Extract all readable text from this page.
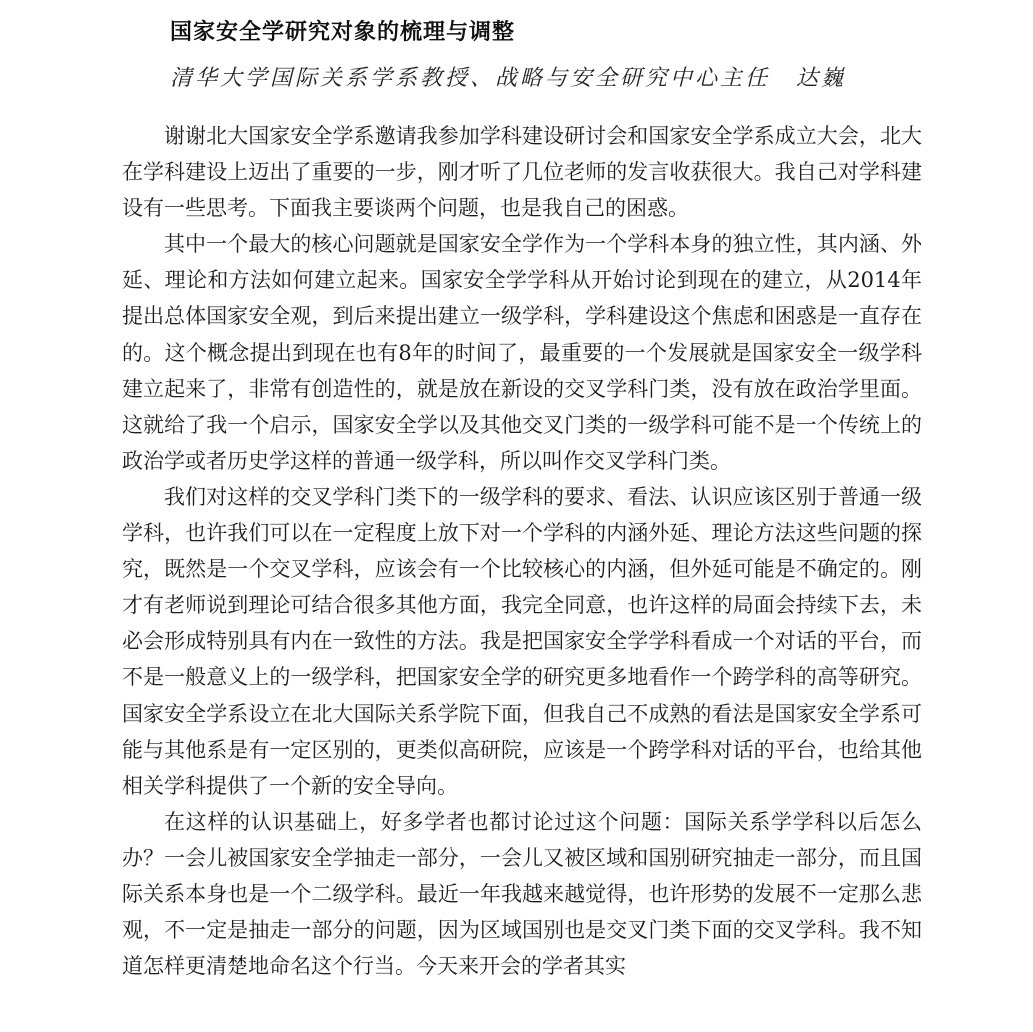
国家安全学研究对象的梳理与调整
清华大学国际关系学系教授、战略与安全研究中心主任 达巍

谢谢北大国家安全学系邀请我参加学科建设研讨会和国家安全学系成立大会，北大在学科建设上迈出了重要的一步，刚才听了几位老师的发言收获很大。我自己对学科建设有一些思考。下面我主要谈两个问题，也是我自己的困惑。

其中一个最大的核心问题就是国家安全学作为一个学科本身的独立性，其内涵、外延、理论和方法如何建立起来。国家安全学学科从开始讨论到现在的建立，从2014年提出总体国家安全观，到后来提出建立一级学科，学科建设这个焦虑和困惑是一直存在的。这个概念提出到现在也有8年的时间了，最重要的一个发展就是国家安全一级学科建立起来了，非常有创造性的，就是放在新设的交叉学科门类，没有放在政治学里面。这就给了我一个启示，国家安全学以及其他交叉门类的一级学科可能不是一个传统上的政治学或者历史学这样的普通一级学科，所以叫作交叉学科门类。

我们对这样的交叉学科门类下的一级学科的要求、看法、认识应该区别于普通一级学科，也许我们可以在一定程度上放下对一个学科的内涵外延、理论方法这些问题的探究，既然是一个交叉学科，应该会有一个比较核心的内涵，但外延可能是不确定的。刚才有老师说到理论可结合很多其他方面，我完全同意，也许这样的局面会持续下去，未必会形成特别具有内在一致性的方法。我是把国家安全学学科看成一个对话的平台，而不是一般意义上的一级学科，把国家安全学的研究更多地看作一个跨学科的高等研究。国家安全学系设立在北大国际关系学院下面，但我自己不成熟的看法是国家安全学系可能与其他系是有一定区别的，更类似高研院，应该是一个跨学科对话的平台，也给其他相关学科提供了一个新的安全导向。

在这样的认识基础上，好多学者也都讨论过这个问题：国际关系学学科以后怎么办？一会儿被国家安全学抽走一部分，一会儿又被区域和国别研究抽走一部分，而且国际关系本身也是一个二级学科。最近一年我越来越觉得，也许形势的发展不一定那么悲观，不一定是抽走一部分的问题，因为区域国别也是交叉门类下面的交叉学科。我不知道怎样更清楚地命名这个行当。今天来开会的学者其实
